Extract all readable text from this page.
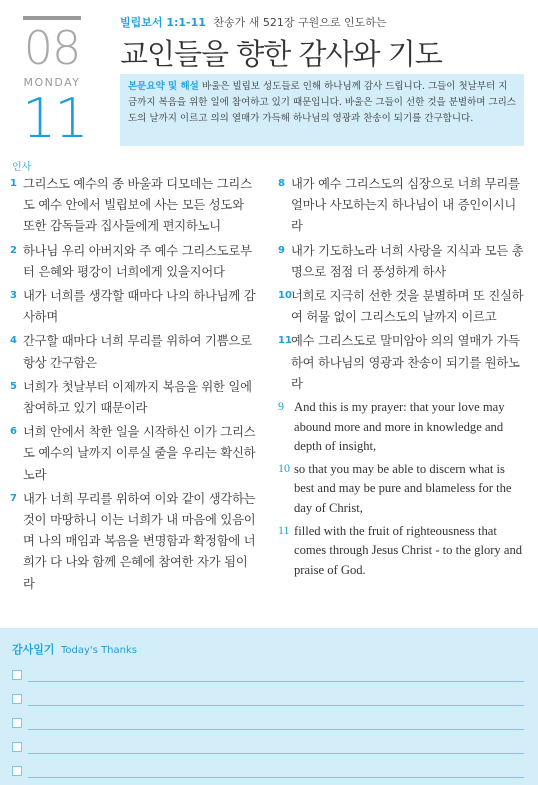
08
MONDAY
11
빌립보서 1:1-11 찬송가 새 521장 구원으로 인도하는
교인들을 향한 감사와 기도
본문요약 및 해설 바울은 빌립보 성도들로 인해 하나님께 감사 드립니다. 그들이 첫날부터 지금까지 복음을 위한 일에 참여하고 있기 때문입니다. 바울은 그들이 선한 것을 분별하며 그리스도의 날까지 이르고 의의 열매가 가득해 하나님의 영광과 찬송이 되기를 간구합니다.
인사
1 그리스도 예수의 종 바울과 디모데는 그리스도 예수 안에서 빌립보에 사는 모든 성도와 또한 감독들과 집사들에게 편지하노니
2 하나님 우리 아버지와 주 예수 그리스도로부터 은혜와 평강이 너희에게 있을지어다
3 내가 너희를 생각할 때마다 나의 하나님께 감사하며
4 간구할 때마다 너희 무리를 위하여 기쁨으로 항상 간구함은
5 너희가 첫날부터 이제까지 복음을 위한 일에 참여하고 있기 때문이라
6 너희 안에서 착한 일을 시작하신 이가 그리스도 예수의 날까지 이루실 줄을 우리는 확신하노라
7 내가 너희 무리를 위하여 이와 같이 생각하는 것이 마땅하니 이는 너희가 내 마음에 있음이며 나의 매임과 복음을 변명함과 확정함에 너희가 다 나와 함께 은혜에 참여한 자가 됨이라
8 내가 예수 그리스도의 심장으로 너희 무리를 얼마나 사모하는지 하나님이 내 증인이시니라
9 내가 기도하노라 너희 사랑을 지식과 모든 총명으로 점점 더 풍성하게 하사
10 너희로 지극히 선한 것을 분별하며 또 진실하여 허물 없이 그리스도의 날까지 이르고
11 예수 그리스도로 말미암아 의의 열매가 가득하여 하나님의 영광과 찬송이 되기를 원하노라
9 And this is my prayer: that your love may abound more and more in knowledge and depth of insight,
10 so that you may be able to discern what is best and may be pure and blameless for the day of Christ,
11 filled with the fruit of righteousness that comes through Jesus Christ - to the glory and praise of God.
감사일기 Today's Thanks
